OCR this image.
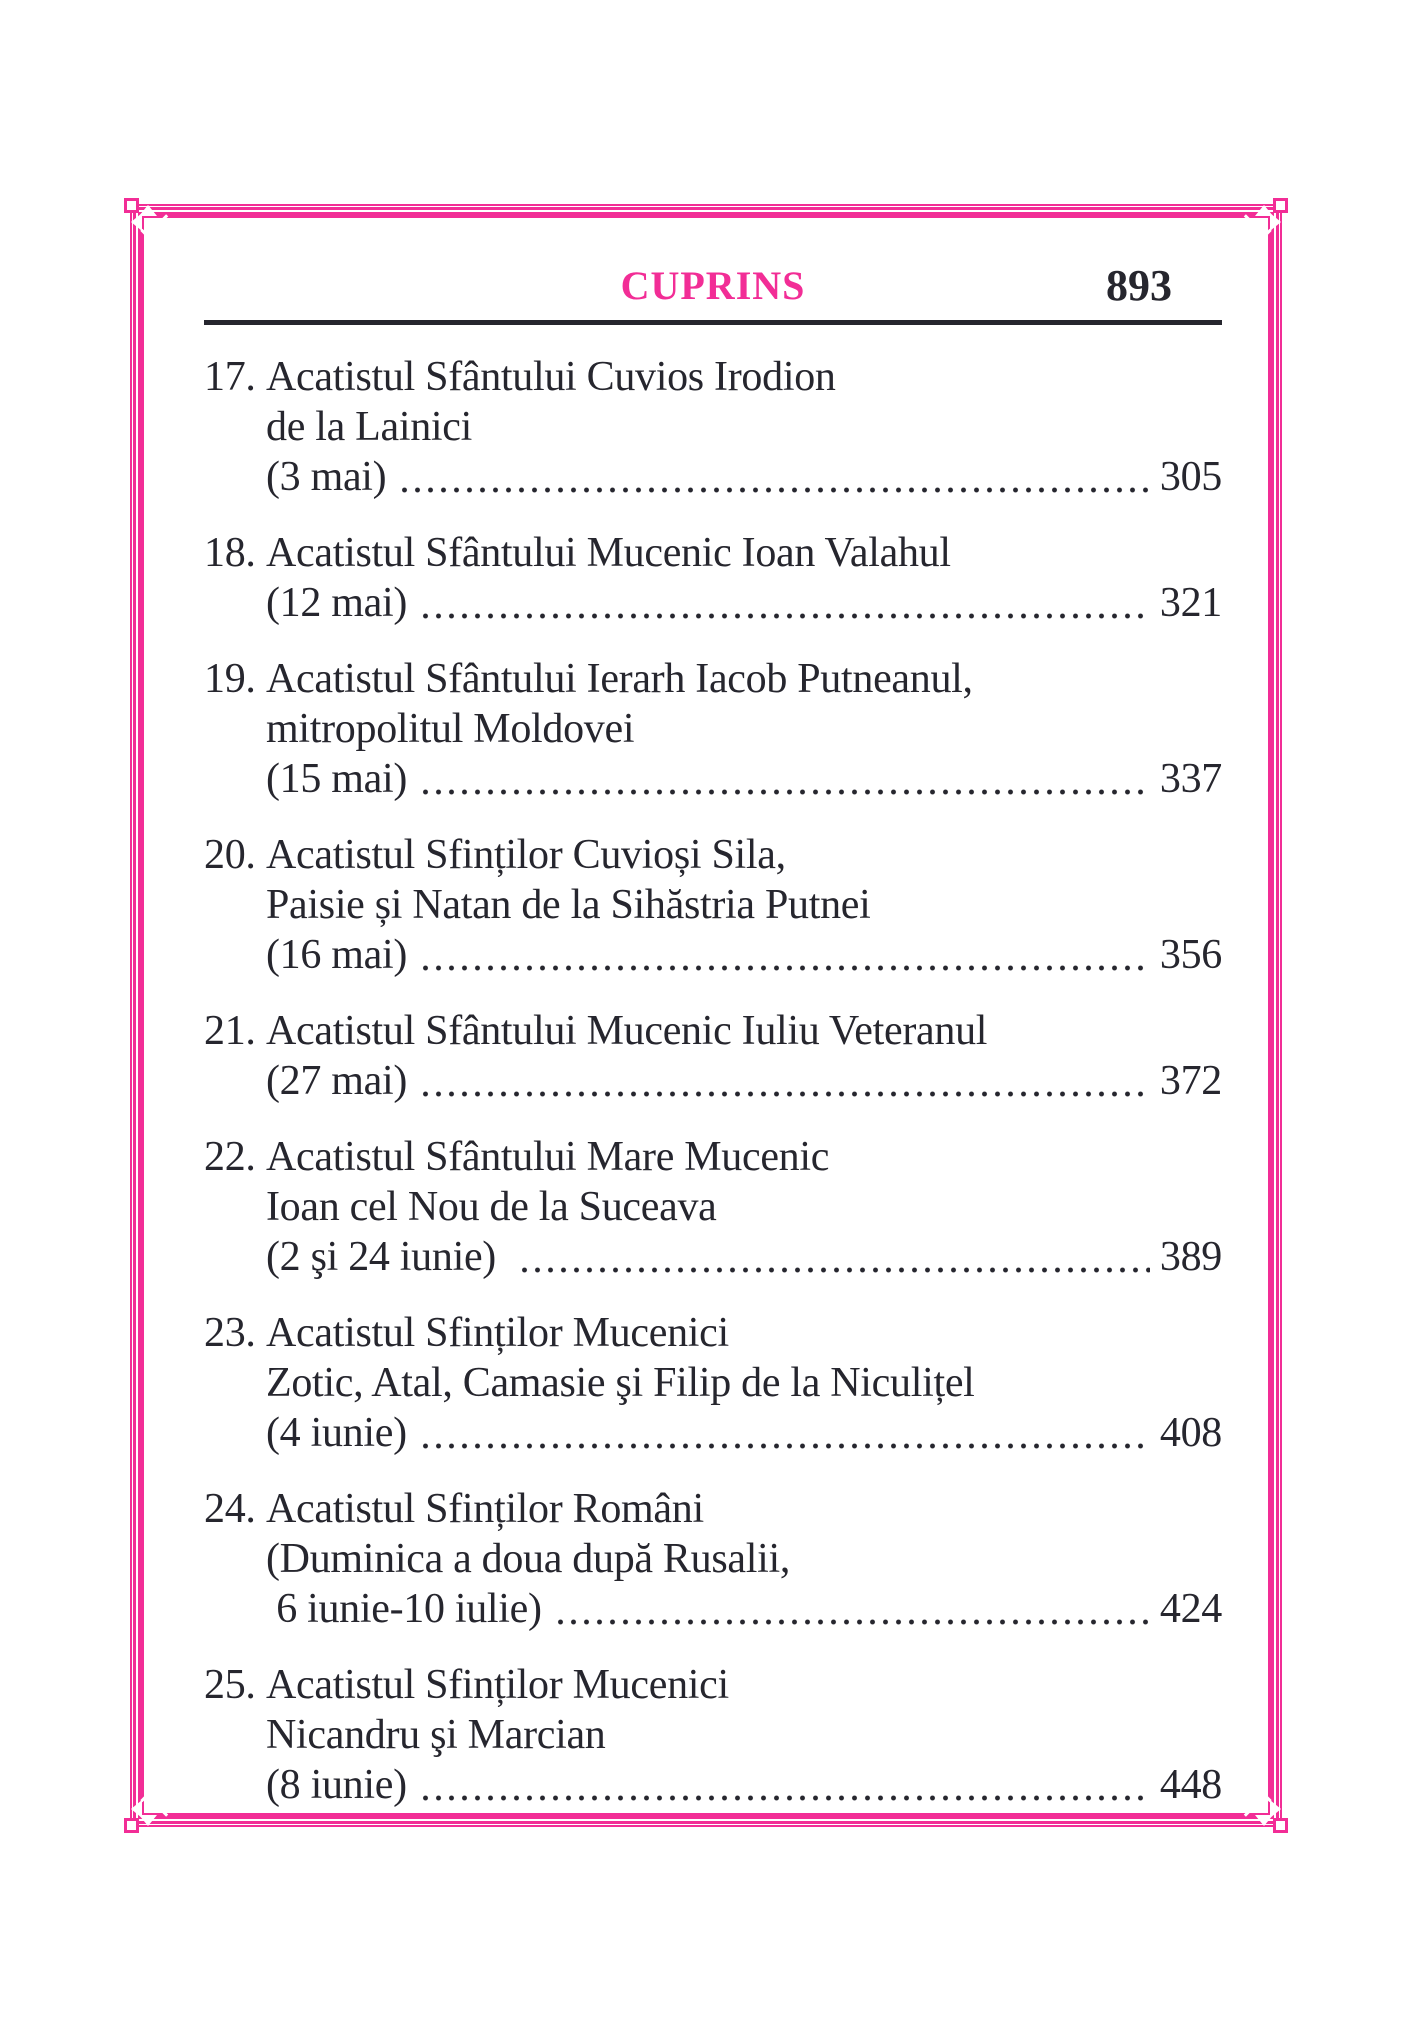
CUPRINS	893
17. Acatistul Sfântului Cuvios Irodion
de la Lainici
(3 mai)	305
18. Acatistul Sfântului Mucenic Ioan Valahul
(12 mai)	321
19. Acatistul Sfântului Ierarh Iacob Putneanul,
mitropolitul Moldovei
(15 mai)	337
20. Acatistul Sfinților Cuvioși Sila,
Paisie și Natan de la Sihăstria Putnei
(16 mai)	356
21. Acatistul Sfântului Mucenic Iuliu Veteranul
(27 mai)	372
22. Acatistul Sfântului Mare Mucenic
Ioan cel Nou de la Suceava
(2 şi 24 iunie)	389
23. Acatistul Sfinților Mucenici
Zotic, Atal, Camasie şi Filip de la Niculițel
(4 iunie)	408
24. Acatistul Sfinților Români
(Duminica a doua după Rusalii,
6 iunie-10 iulie)	424
25. Acatistul Sfinților Mucenici
Nicandru şi Marcian
(8 iunie)	448
